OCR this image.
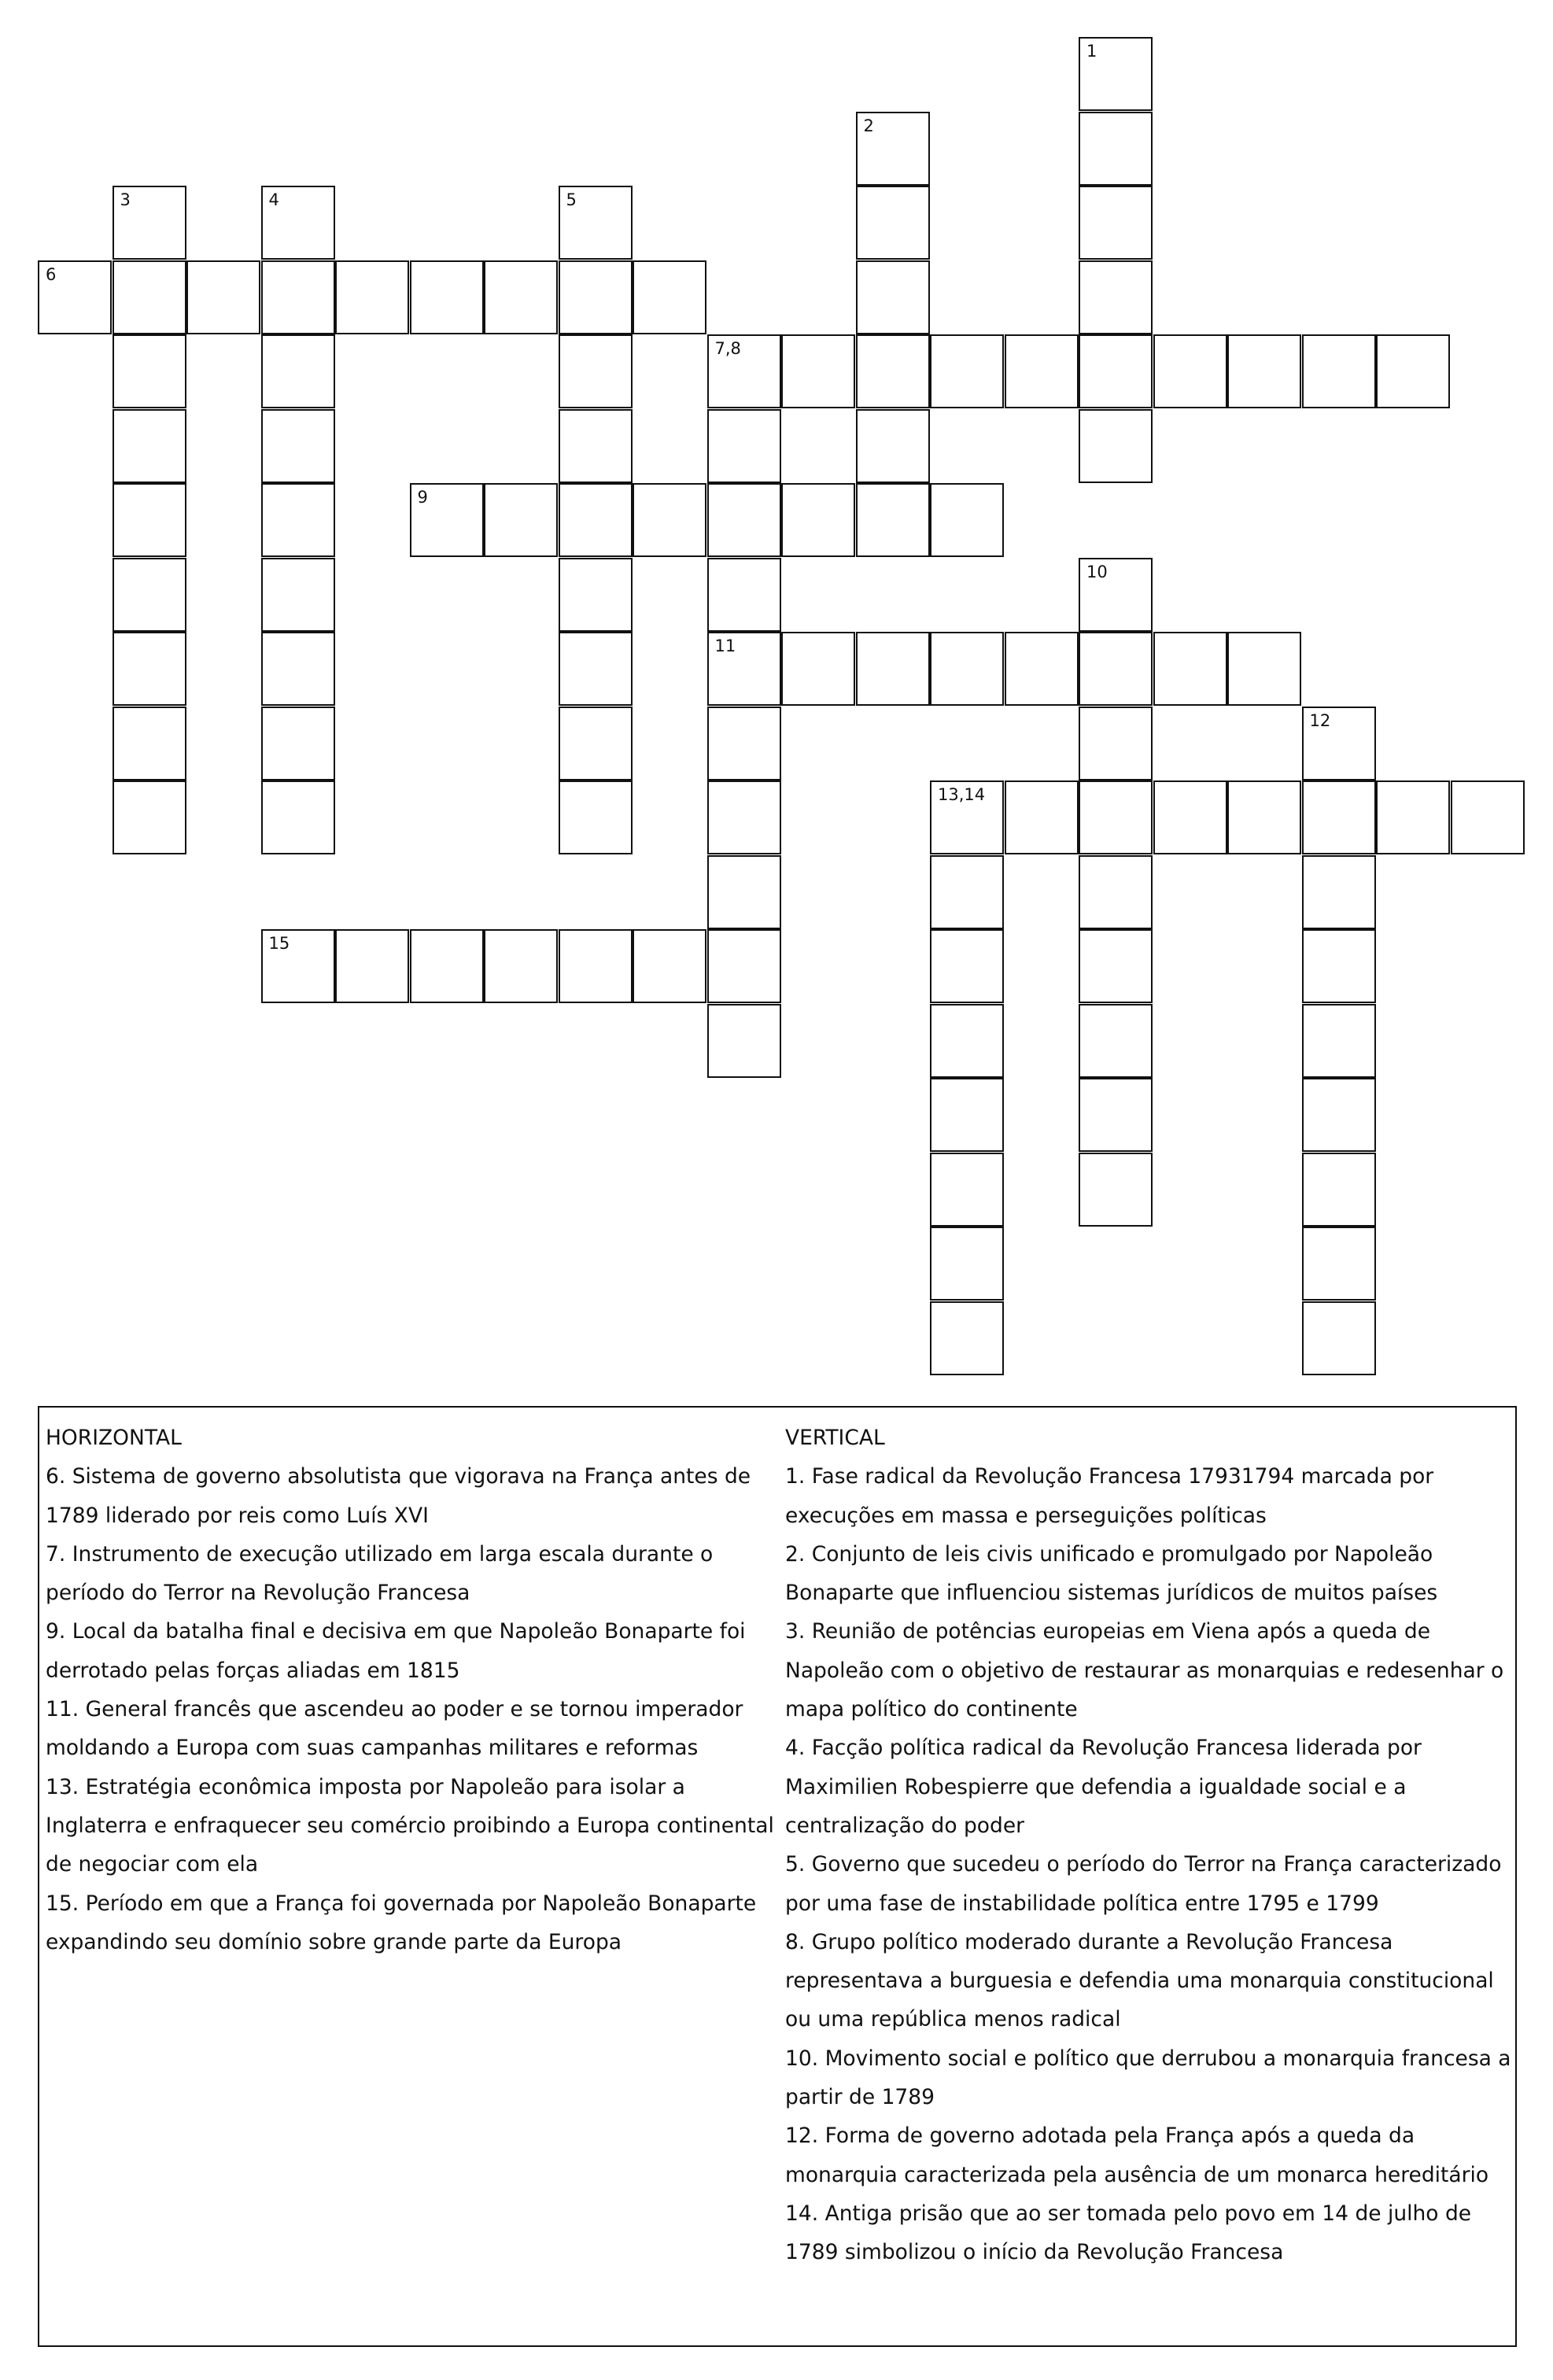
1
2
3	4	5
6
7,8
11
9
10
12
13,14
15

HORIZONTAL

6. Sistema de governo absolutista que vigorava na França antes de 1789 liderado por reis como Luís XVI

7. Instrumento de execução utilizado em larga escala durante o período do Terror na Revolução Francesa

9. Local da batalha final e decisiva em que Napoleão Bonaparte foi derrotado pelas forças aliadas em 1815

11. General francês que ascendeu ao poder e se tornou imperador moldando a Europa com suas campanhas militares e reformas

13. Estratégia econômica imposta por Napoleão para isolar a Inglaterra e enfraquecer seu comércio proibindo a Europa continental de negociar com ela

15. Período em que a França foi governada por Napoleão Bonaparte expandindo seu domínio sobre grande parte da Europa

VERTICAL

1. Fase radical da Revolução Francesa 17931794 marcada por execuções em massa e perseguições políticas

2. Conjunto de leis civis unificado e promulgado por Napoleão Bonaparte que influenciou sistemas jurídicos de muitos países

3. Reunião de potências europeias em Viena após a queda de Napoleão com o objetivo de restaurar as monarquias e redesenhar o mapa político do continente

4. Facção política radical da Revolução Francesa liderada por Maximilien Robespierre que defendia a igualdade social e a centralização do poder

5. Governo que sucedeu o período do Terror na França caracterizado por uma fase de instabilidade política entre 1795 e 1799

8. Grupo político moderado durante a Revolução Francesa representava a burguesia e defendia uma monarquia constitucional ou uma república menos radical

10. Movimento social e político que derrubou a monarquia francesa a partir de 1789

12. Forma de governo adotada pela França após a queda da monarquia caracterizada pela ausência de um monarca hereditário

14. Antiga prisão que ao ser tomada pelo povo em 14 de julho de 1789 simbolizou o início da Revolução Francesa
